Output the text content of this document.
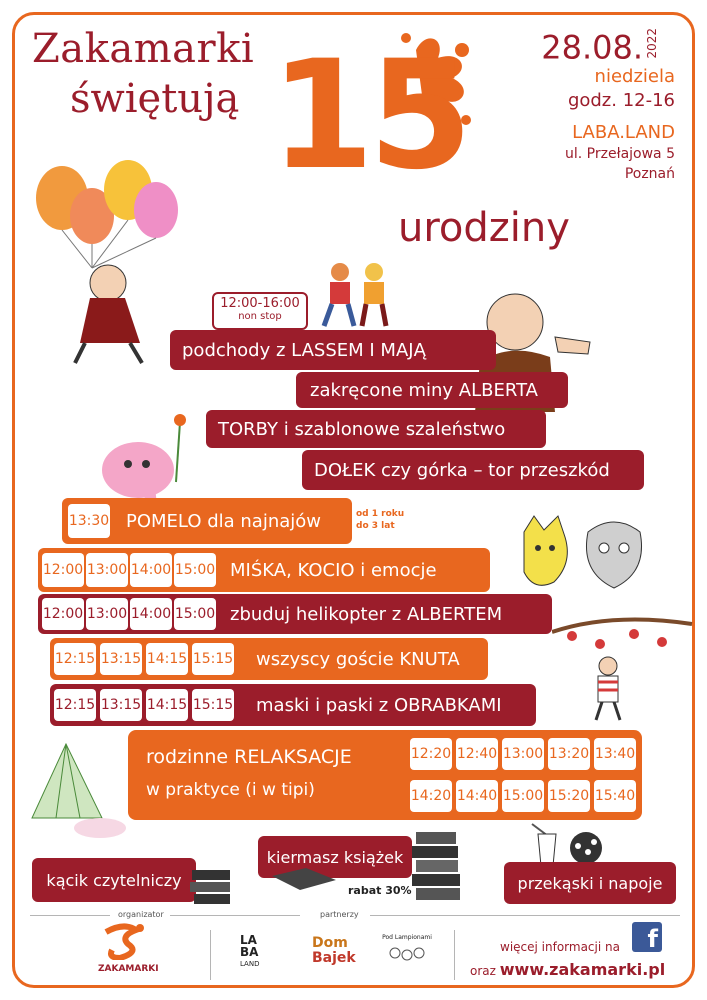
Zakamarki
świętują 15
urodziny
28.08. 2022
niedziela
godz. 12-16
LABA.LAND
ul. Przełajowa 5
Poznań
12:00-16:00
non stop
podchody z LASSEM I MAJĄ
zakręcone miny ALBERTA
TORBY i szablonowe szaleństwo
DOŁEK czy górka – tor przeszkód
13:30 POMELO dla najnajów	od 1 roku
do 3 lat
12:00 13:00 14:00 15:00 MIŚKA, KOCIO i emocje
12:00 13:00 14:00 15:00 zbuduj helikopter z ALBERTEM
12:15 13:15 14:15 15:15 wszyscy goście KNUTA
12:15 13:15 14:15 15:15 maski i paski z OBRABKAMI
rodzinne RELAKSACJE
w praktyce (i w tipi)
12:20 12:40 13:00 13:20 13:40
14:20 14:40 15:00 15:20 15:40
kącik czytelniczy
kiermasz książek
rabat 30%	przekąski i napoje
organizator	partnerzy
ZAKAMARKI
LA
BA
LAND
Dom
Bajek
Pod Lampionami
więcej informacji na	f
oraz www.zakamarki.pl
